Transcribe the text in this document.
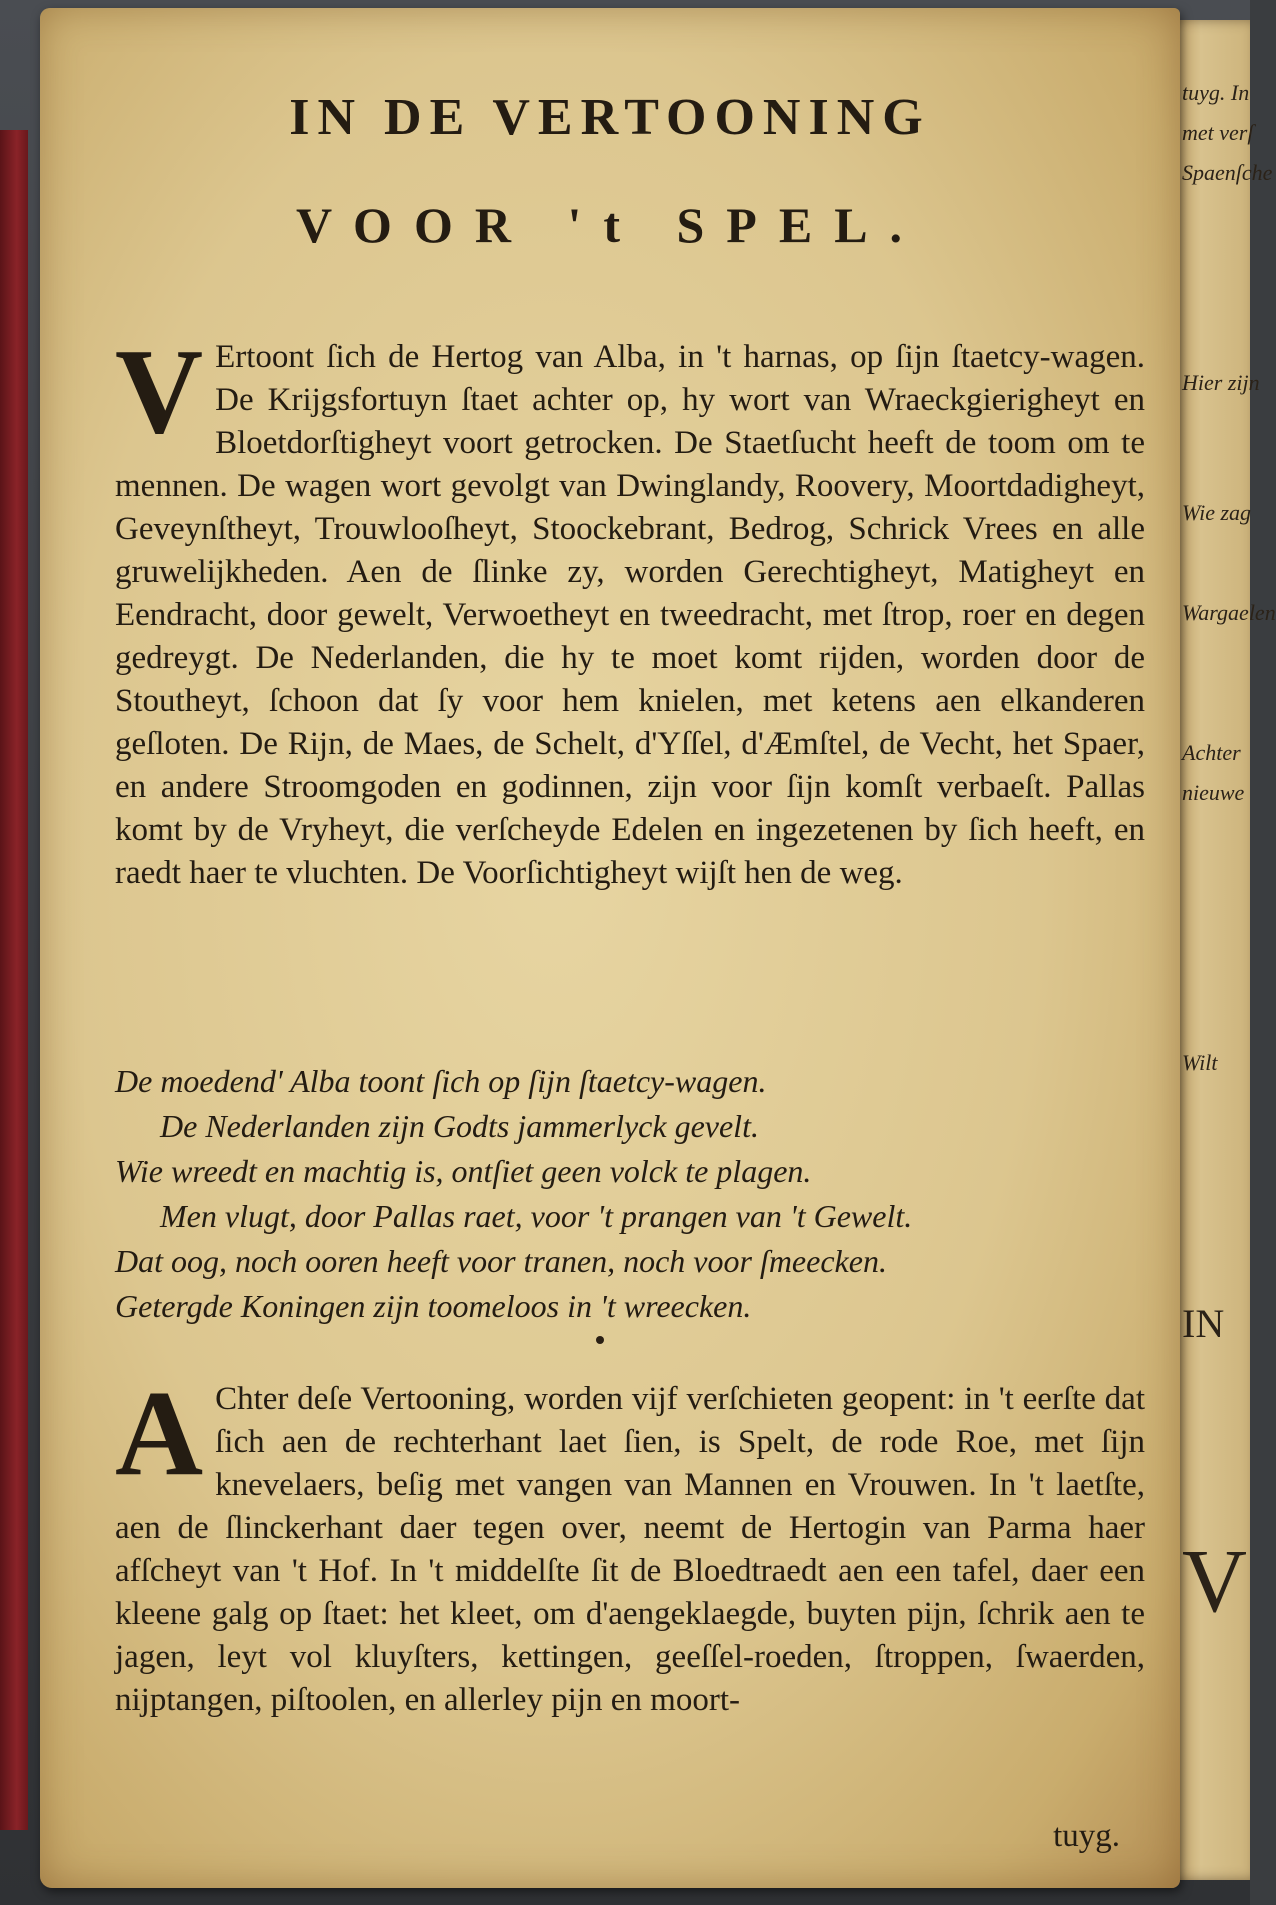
tuyg. In
met verſ
Spaenſche
Hier zijn
Wie zag
Wargaelen
Achter
nieuwe
Wilt
IN
V
IN DE VERTOONING
VOOR 't SPEL.
V Ertoont ſich de Hertog van Alba, in 't harnas, op ſijn ſtaetcy-wagen. De Krijgsfortuyn ſtaet achter op, hy wort van Wraeckgierigheyt en Bloetdorſtigheyt voort getrocken. De Staetſucht heeft de toom om te mennen. De wagen wort gevolgt van Dwinglandy, Roovery, Moortdadigheyt, Geveynſtheyt, Trouwlooſheyt, Stoockebrant, Bedrog, Schrick Vrees en alle gruwelijkheden. Aen de ſlinke zy, worden Gerechtigheyt, Matigheyt en Eendracht, door gewelt, Verwoetheyt en tweedracht, met ſtrop, roer en degen gedreygt. De Nederlanden, die hy te moet komt rijden, worden door de Stoutheyt, ſchoon dat ſy voor hem knielen, met ketens aen elkanderen geſloten. De Rijn, de Maes, de Schelt, d'Yſſel, d'Æmſtel, de Vecht, het Spaer, en andere Stroomgoden en godinnen, zijn voor ſijn komſt verbaeſt. Pallas komt by de Vryheyt, die verſcheyde Edelen en ingezetenen by ſich heeft, en raedt haer te vluchten. De Voorſichtigheyt wijſt hen de weg.
De moedend' Alba toont ſich op ſijn ſtaetcy-wagen.
De Nederlanden zijn Godts jammerlyck gevelt.
Wie wreedt en machtig is, ontſiet geen volck te plagen.
Men vlugt, door Pallas raet, voor 't prangen van 't Gewelt.
Dat oog, noch ooren heeft voor tranen, noch voor ſmeecken.
Getergde Koningen zijn toomeloos in 't wreecken.
A Chter deſe Vertooning, worden vijf verſchieten geopent: in 't eerſte dat ſich aen de rechterhant laet ſien, is Spelt, de rode Roe, met ſijn knevelaers, beſig met vangen van Mannen en Vrouwen. In 't laetſte, aen de ſlinckerhant daer tegen over, neemt de Hertogin van Parma haer afſcheyt van 't Hof. In 't middelſte ſit de Bloedtraedt aen een tafel, daer een kleene galg op ſtaet: het kleet, om d'aengeklaegde, buyten pijn, ſchrik aen te jagen, leyt vol kluyſters, kettingen, geeſſel-roeden, ſtroppen, ſwaerden, nijptangen, piſtoolen, en allerley pijn en moort-
tuyg.
